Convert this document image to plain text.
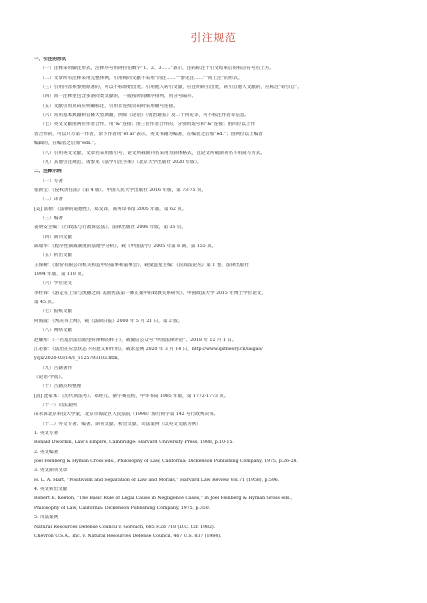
引注规范
一、引注的形式
（一）注释采用脚注形式，注释序号用阿拉伯数字“1、2、3……”表示，注码标注于引文结束后的标点符号右上方。
（二）文章所有注释采用完整体例，引用相同文献不采用“同注……”“参见注……”“同上注”的形式。
（三）引用内容系参照原著的，可以不标原始出处。引用他人转引文献，应注明转引出处，转引自他人文献的，应标注“转引自”。
（四）同一注释里包含多条同类文献的，一般按时间顺序排列，用分号隔开。
（五）文献引用页码应明确标注，引用非连续页码时采用顿号连接。
（六）常用基本典籍和官修大型典籍，例如《论语》《资治通鉴》及二十四史等，可不标注作者等信息。
（七）英文文献由两位作者合作，用“&”连接；由三位作者合作的，分别用逗号和“&”连接；由四位以上作
者合作的，可以只写第一作者，余下作者用“et al”表示。英文书籍为编著，在编者之后加“ed.”；由两位以上编者
编辑的，在编者之后加“eds.”。
（八）引用英文文献，文章名采用加引号，论文所载期刊名采用为斜体格式，且论文所载期刊名不用简写方式。
（九）其他引注规范，请参见《法学引注手册》（北京大学出版社 2020 年版）。
二、注释示例
（一）专著
张新宝：《侵权责任法》（第 4 版），中国人民大学出版社 2016 年版，第 73-75 页。
（二）译著
[美] 富勒：《法律的道德性》，郑戈译，商务印书馆 2005 年版，第 62 页。
（三）编著
姜明安主编：《行政法与行政诉讼法》，法律出版社 2006 年版，第 35 页。
（四）期刊文献
陈瑞华：《程序性制裁制度的法理学分析》，载《中国法学》2005 年第 6 期，第 155 页。
（五）析出文献
王保树：《股份有限公司机关构造中的董事和董事会》，载梁慧星主编：《民商法论丛》第 1 卷，法律出版社
1994 年版，第 110 页。
（六）学位论文
李杜锋：《游走在上帝与凯撒之间 美国宪法第一修正案中的政教关系研究》，中国政法大学 2015 年博士学位论文，
第 45 页。
（七）报纸文献
何海波：《判决书上网》，载《法制日报》2000 年 5 月 21 日，第 2 版。
（八）网络文献
赵耀彤：《一名基层法官眼里好律师的样子》，载微信公众号“中国法律评论”，2018 年 12 月 1 日。
江必新：《法治在应急状态下的意义和作用》，载求是网 2020 年 3 月 14 日，http://www.qstheory.cn/laigao/
ycjx/2020-03/14/c_1125793103.htm。
（九）古籍著作
《论语·学而》。
（十）古籍点校整理
[清] 沈家本：《历代刑法考》，邓经元、骈宇骞点校，中华书局 1985 年版，第 1772-1773 页。
（十一）司法案例
田永诉北京科技大学案，北京市海淀区人民法院（1998）海行初字第 142 号行政判决书。
（十二）外文专著、编著、期刊文献、析出文献、司法案例（以英文文献为例）
1. 英文专著
Ronald Dworkin, Law's Empire, Cambridge: Harvard University Press, 1988, p.10-15.
2. 英文编著
Joel Feinberg & Hyman Cross eds., Philosophy of Law, California: Dickenson Publishing Company, 1975, p.26-28.
3. 英文期刊文章
H. L. A. Hart, “Positivism and Separation of Law and Morals,” Harvard Law Review Vol.71 (1958), p.596.
4. 英文析出文献
Robert E. Keeton, “The Basic Rule of Legal Cause in Negligence Cases,” in Joel Feinberg & Hyman Gross eds.,
Philosophy of Law, California: Dickenson Publishing Company, 1975, p.350.
5. 司法案例
Natural Resources Defense Council v. Gorsuch, 685 F.2d 718 (D.C. Cir. 1982).
Chevron U.S.A., Inc. v. Natural Resources Defense Council, 467 U.S. 837 (1984).
